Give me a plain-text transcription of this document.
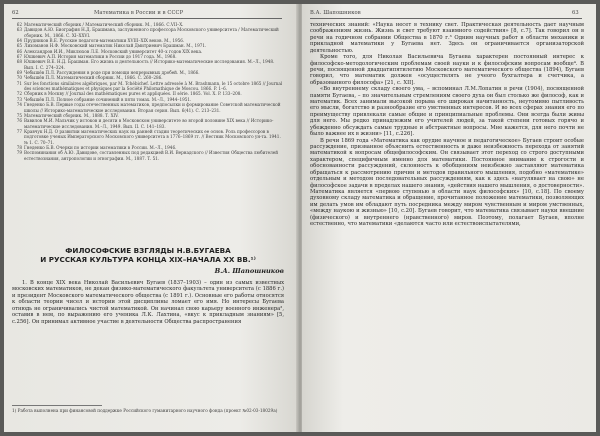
62	Математика в России и в СССР
62 Математический сборник / Математический сборник. М., 1866. С.VII–X.
63 Давидов А.Ю. Биография Н.Д. Брашмана, заслуженного профессора Московского университета / Математический сборник. М., 1866. С. XI–XXVI.
64 Прудников В.Е. Русские педагоги-математики XVIII–XIX веков. М., 1956.
65 Лихоманов Н.Ф. Московский математик Николай Дмитриевич Брашман. М., 1971.
66 Александров И.И., Миклюхов Л.Е. Московский университет 40–х годов XIX века.
67 Юшкевич А.П. История математики в России до 1917 года. М., 1968.
68 Юшкевич В.Е. Н.Д. Брашман. Его жизнь и деятельность // Историко-математические исследования. М.–Л., 1948. Вып. I. С. 274–324.
69 Чебышёв П.Л. Рассуждения в роде при помощи непрерывных дробей. М., 1866.
70 Чебышёв П.Л. Математический сборник. М., 1866. С. 260–286.
71 Sur les fonctions similaires algébriques, par M. Tchébichef. Lettre adressée à M. Brashmann, le 15 octobre 1865 // Journal des sciences mathématiques et physiques par la Société Philomathique de Moscou. 1866. P. 1–6.
72 Сборник в Москву // Journal des mathématiques pures et appliquées. II série. 1865. Vol. X. P. 133–208.
73 Чебышёв П.Л. Полное собрание сочинений в пяти томах. М.–Л., 1944–1951.
74 Гнеденко Б.В. Первые годы отечественных математиков, предпосылки и формирование Советской математической школы // Историко-математические исследования. Вторая серия. Вып. 6(41). С. 213–231.
75 Математический сборник. М., 1888. Т. XIV.
76 Вавилов М.И. Мальчик у истоков и десяти в Московском университете во второй половине XIX века // Историко-математические исследования. М.–Л., 1949. Вып. II. С. 141–183.
77 Кравчук Н.Д. О развитии математических наук на ранней стадии теоретических ее основ. Роль профессоров в подготовке ученых Императорского Московского университета в 1776–1869 гг. // Вестник Московского ун-та. 1941. № 1. С. 70–71.
78 Гнеденко Б.В. Очерки по истории математики в России. М.–Л., 1946.
79 Воспоминания об А.Ю. Давидове, составленных под редакцией В.И. Вернадского // Известия Общества любителей естествознания, антропологии и этнографии. М., 1887. Т. 51.
ФИЛОСОФСКИЕ ВЗГЛЯДЫ Н.В.БУГАЕВА
И РУССКАЯ КУЛЬТУРА КОНЦА XIX–НАЧАЛА XX ВВ.¹⁾
В.А. Шапошников

1. В конце XIX века Николай Васильевич Бугаев (1837–1903) – один из самых известных московских математиков, не декан физико-математического факультета университета (с 1886 г.) и президент Московского математического общества (с 1891 г.). Основные его работы относятся к области теории чисел и истории этой дисциплины ломает его имя. Но интересы Бугаева отнюдь не ограничивались чистой математикой. Он начинал свою карьеру военного инженера², оставив в нем, по выражению его ученика Л.К. Лахтина, «вкус к прикладным знаниям» [5, с.256]. Он принимал активное участие в деятельности Общества распространения

1) Работа выполнена при финансовой поддержке Российского гуманитарного научного фонда (проект №02-03-18029а)
В.А. Шапошников	63

технических знаний: «Наука несет в технику свет. Практическая деятельность дает научным соображениям жизнь. Жизнь и свет требуют взаимного содействия» [8, с.7]. Так говорил он в речи на годичном собрании Общества в 1870 г.³ Одним научных работ в области механики и прикладной математики у Бугаева нет. Здесь он ограничивается организаторской деятельностью.

Кроме того, для Николая Васильевича Бугаева характерен постоянный интерес к философско-методологическим проблемам своей науки и к философским вопросам вообще⁴. В речи, посвященной двадцатипятилетию Московского математического общества (1894), Бугаев говорил, что математик должен «осуществлять не учеого бухгалтера и счетчика, а образованного философа» [21, с. XII].

«Во внутреннему складу своего ума, – вспоминал Л.М.Лопатин в речи (1904), посвященной памяти Бугаева, – по значительным стремлениям своего духа он был столько же философ, как и математик. Всех занимали высокой порыва его широкая начитанность, неутомимо пытливость его мысли, богатство и разнообразие его умственных интересов. И во всех сферах знания его по преимуществу привлекали самые общие и принципиальные проблемы. Они всегда были живы для него. Мы редко принадлежим его учителей людей, за такой степени готовых горячо и убежденно обсуждать самые трудные и абстрактные вопросы. Мне кажется, для него почти не было важнее их в жизни» [11, с.226].

В речи 1869 года «Математика как орудие научное и педагогическое» Бугаев строит особые рассуждение, призванное объяснить естественность и даже неизбежность перехода от занятий математикой к вопросам общефилософским. Он связывает этот переход со строго доступными характером, специфичным именно для математики. Постоянное внимание к строгости и обоснованности рассуждений, склонность к обобщениям неизбежно заставляют математика обращаться к рассмотрению причин и методов правильного мышления, подобно «математике» отдельным и методом последовательных рассуждениям, как к здесь «нагулявает на свою» не философское задачи в пределах нашего знания, «действия нашего мышления, о достоверности». Математика является «первою ступенью в области наук философских» [10, с.18]. По своему духовному складу математика и обращение, прочитанное положение математики, позволяющих им делать умов им обладают путь посредника между миром чувственным и миром умственных, «между наукою и жизнью» [10, с.20]. Бугаев говорит, что математика связывает науки внешние (физического) и внутреннего (нравственного) миров. Поэтому, полагает Бугаев, вполне естественно, что математики «делаются часто или естествоиспытателями,
